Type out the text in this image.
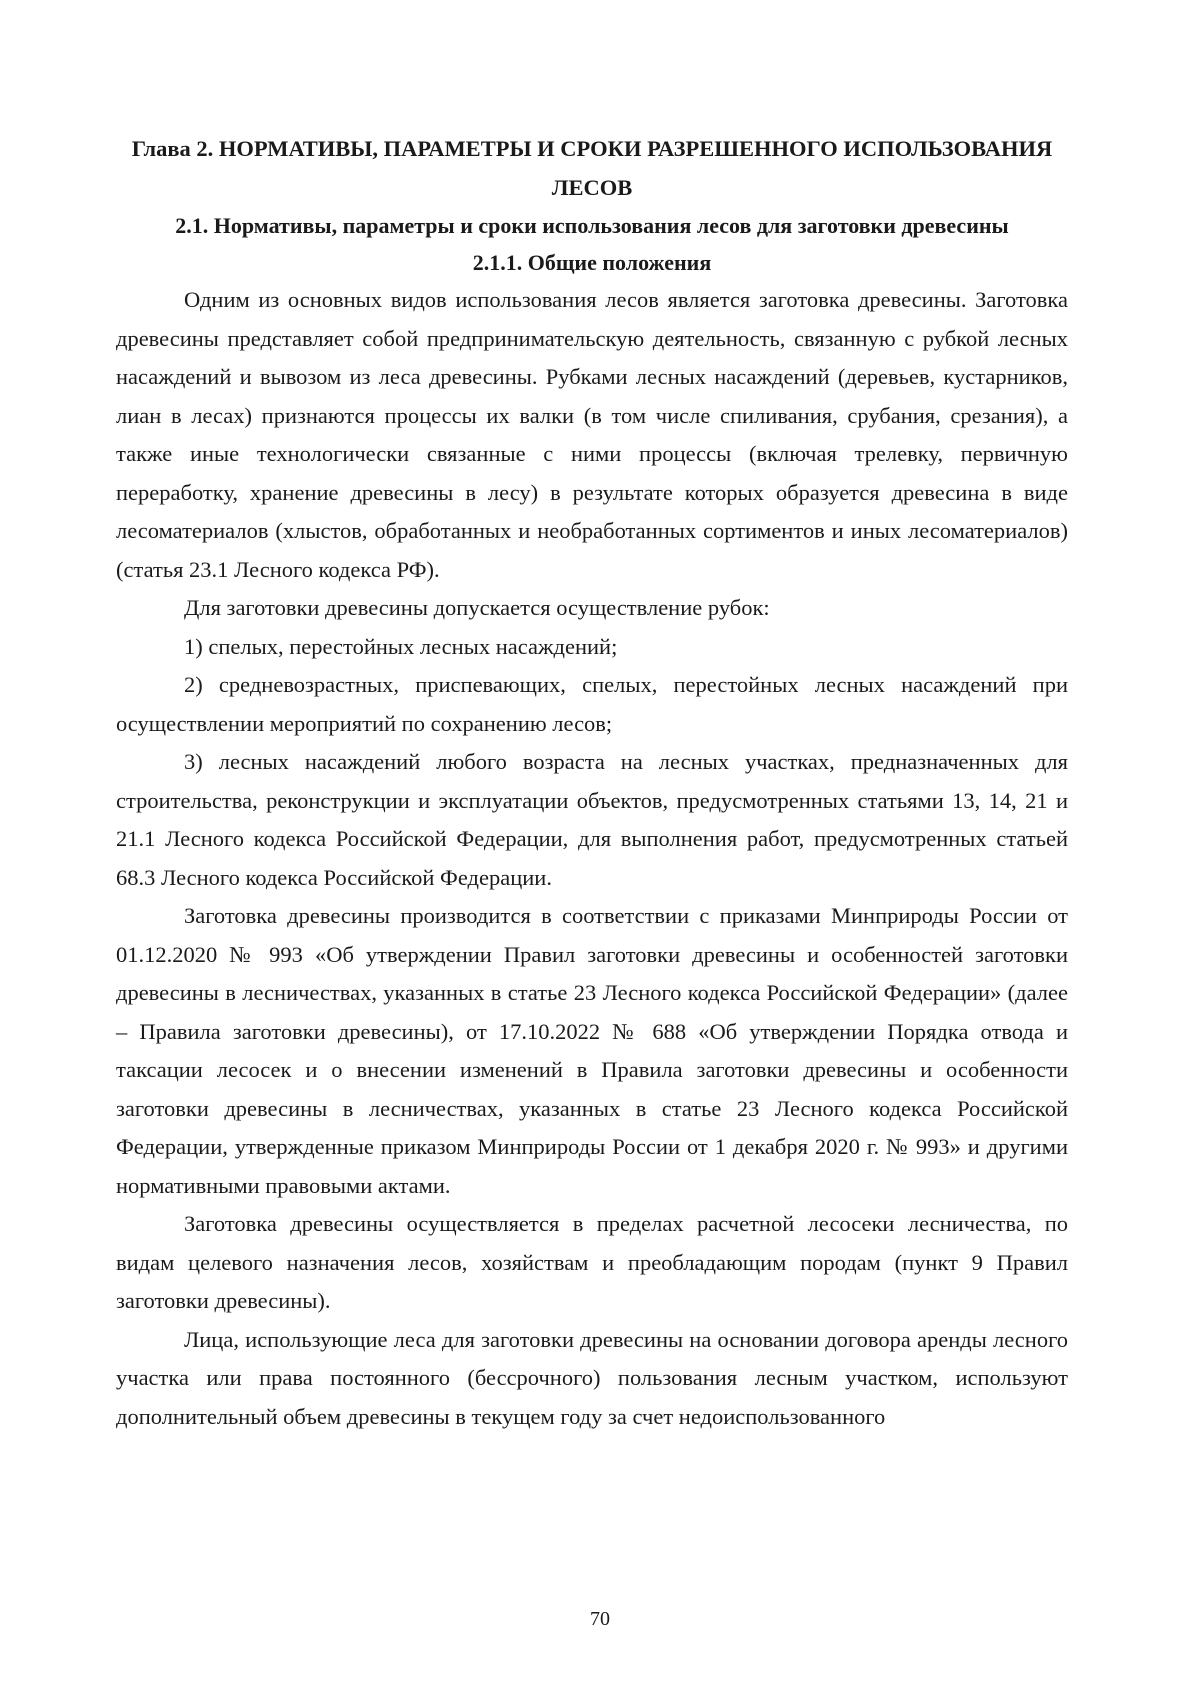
Глава 2. НОРМАТИВЫ, ПАРАМЕТРЫ И СРОКИ РАЗРЕШЕННОГО ИСПОЛЬЗОВАНИЯ ЛЕСОВ
2.1. Нормативы, параметры и сроки использования лесов для заготовки древесины
2.1.1. Общие положения

Одним из основных видов использования лесов является заготовка древесины. Заготовка древесины представляет собой предпринимательскую деятельность, связанную с рубкой лесных насаждений и вывозом из леса древесины. Рубками лесных насаждений (деревьев, кустарников, лиан в лесах) признаются процессы их валки (в том числе спиливания, срубания, срезания), а также иные технологически связанные с ними процессы (включая трелевку, первичную переработку, хранение древесины в лесу) в результате которых образуется древесина в виде лесоматериалов (хлыстов, обработанных и необработанных сортиментов и иных лесоматериалов) (статья 23.1 Лесного кодекса РФ).

Для заготовки древесины допускается осуществление рубок:

1) спелых, перестойных лесных насаждений;

2) средневозрастных, приспевающих, спелых, перестойных лесных насаждений при осуществлении мероприятий по сохранению лесов;

3) лесных насаждений любого возраста на лесных участках, предназначенных для строительства, реконструкции и эксплуатации объектов, предусмотренных статьями 13, 14, 21 и 21.1 Лесного кодекса Российской Федерации, для выполнения работ, предусмотренных статьей 68.3 Лесного кодекса Российской Федерации.

Заготовка древесины производится в соответствии с приказами Минприроды России от 01.12.2020 № 993 «Об утверждении Правил заготовки древесины и особенностей заготовки древесины в лесничествах, указанных в статье 23 Лесного кодекса Российской Федерации» (далее – Правила заготовки древесины), от 17.10.2022 № 688 «Об утверждении Порядка отвода и таксации лесосек и о внесении изменений в Правила заготовки древесины и особенности заготовки древесины в лесничествах, указанных в статье 23 Лесного кодекса Российской Федерации, утвержденные приказом Минприроды России от 1 декабря 2020 г. № 993» и другими нормативными правовыми актами.

Заготовка древесины осуществляется в пределах расчетной лесосеки лесничества, по видам целевого назначения лесов, хозяйствам и преобладающим породам (пункт 9 Правил заготовки древесины).

Лица, использующие леса для заготовки древесины на основании договора аренды лесного участка или права постоянного (бессрочного) пользования лесным участком, используют дополнительный объем древесины в текущем году за счет недоиспользованного

70
